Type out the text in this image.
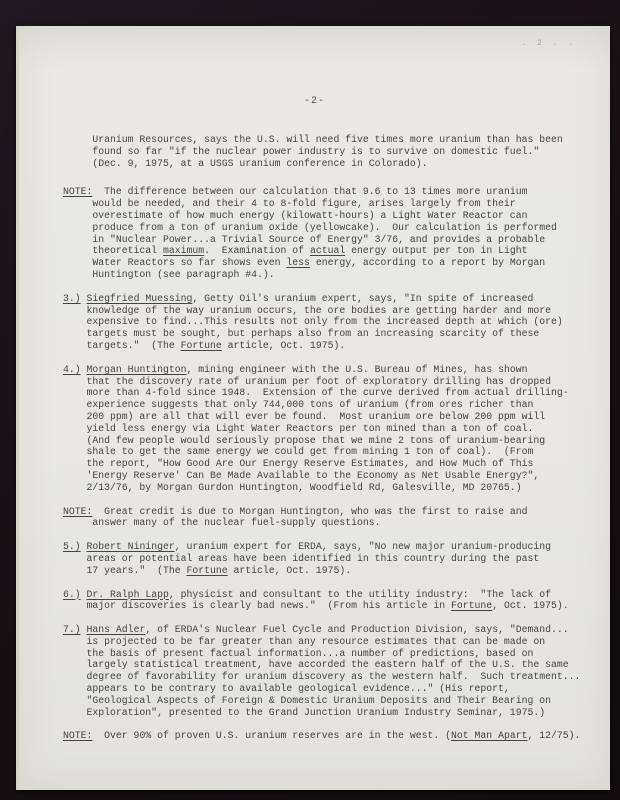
. 2 . .
-2-
Uranium Resources, says the U.S. will need five times more uranium than has been
found so far "if the nuclear power industry is to survive on domestic fuel."
(Dec. 9, 1975, at a USGS uranium conference in Colorado).
NOTE:  The difference between our calculation that 9.6 to 13 times more uranium
would be needed, and their 4 to 8-fold figure, arises largely from their
overestimate of how much energy (kilowatt-hours) a Light Water Reactor can
produce from a ton of uranium oxide (yellowcake).  Our calculation is performed
in "Nuclear Power...a Trivial Source of Energy" 3/76, and provides a probable
theoretical maximum.  Examination of actual energy output per ton in Light
Water Reactors so far shows even less energy, according to a report by Morgan
Huntington (see paragraph #4.).
3.) Siegfried Muessing, Getty Oil's uranium expert, says, "In spite of increased
knowledge of the way uranium occurs, the ore bodies are getting harder and more
expensive to find...This results not only from the increased depth at which (ore)
targets must be sought, but perhaps also from an increasing scarcity of these
targets."  (The Fortune article, Oct. 1975).
4.) Morgan Huntington, mining engineer with the U.S. Bureau of Mines, has shown
that the discovery rate of uranium per foot of exploratory drilling has dropped
more than 4-fold since 1948.  Extension of the curve derived from actual drilling-
experience suggests that only 744,000 tons of uranium (from ores richer than
200 ppm) are all that will ever be found.  Most uranium ore below 200 ppm will
yield less energy via Light Water Reactors per ton mined than a ton of coal.
(And few people would seriously propose that we mine 2 tons of uranium-bearing
shale to get the same energy we could get from mining 1 ton of coal).  (From
the report, "How Good Are Our Energy Reserve Estimates, and How Much of This
'Energy Reserve' Can Be Made Available to the Economy as Net Usable Energy?",
2/13/76, by Morgan Gurdon Huntington, Woodfield Rd, Galesville, MD 20765.)
NOTE:  Great credit is due to Morgan Huntington, who was the first to raise and
answer many of the nuclear fuel-supply questions.
5.) Robert Nininger, uranium expert for ERDA, says, "No new major uranium-producing
areas or potential areas have been identified in this country during the past
17 years."  (The Fortune article, Oct. 1975).
6.) Dr. Ralph Lapp, physicist and consultant to the utility industry:  "The lack of
major discoveries is clearly bad news."  (From his article in Fortune, Oct. 1975).
7.) Hans Adler, of ERDA's Nuclear Fuel Cycle and Production Division, says, "Demand...
is projected to be far greater than any resource estimates that can be made on
the basis of present factual information...a number of predictions, based on
largely statistical treatment, have accorded the eastern half of the U.S. the same
degree of favorability for uranium discovery as the western half.  Such treatment...
appears to be contrary to available geological evidence..." (His report,
"Geological Aspects of Foreign & Domestic Uranium Deposits and Their Bearing on
Exploration", presented to the Grand Junction Uranium Industry Seminar, 1975.)
NOTE:  Over 90% of proven U.S. uranium reserves are in the west. (Not Man Apart, 12/75).
